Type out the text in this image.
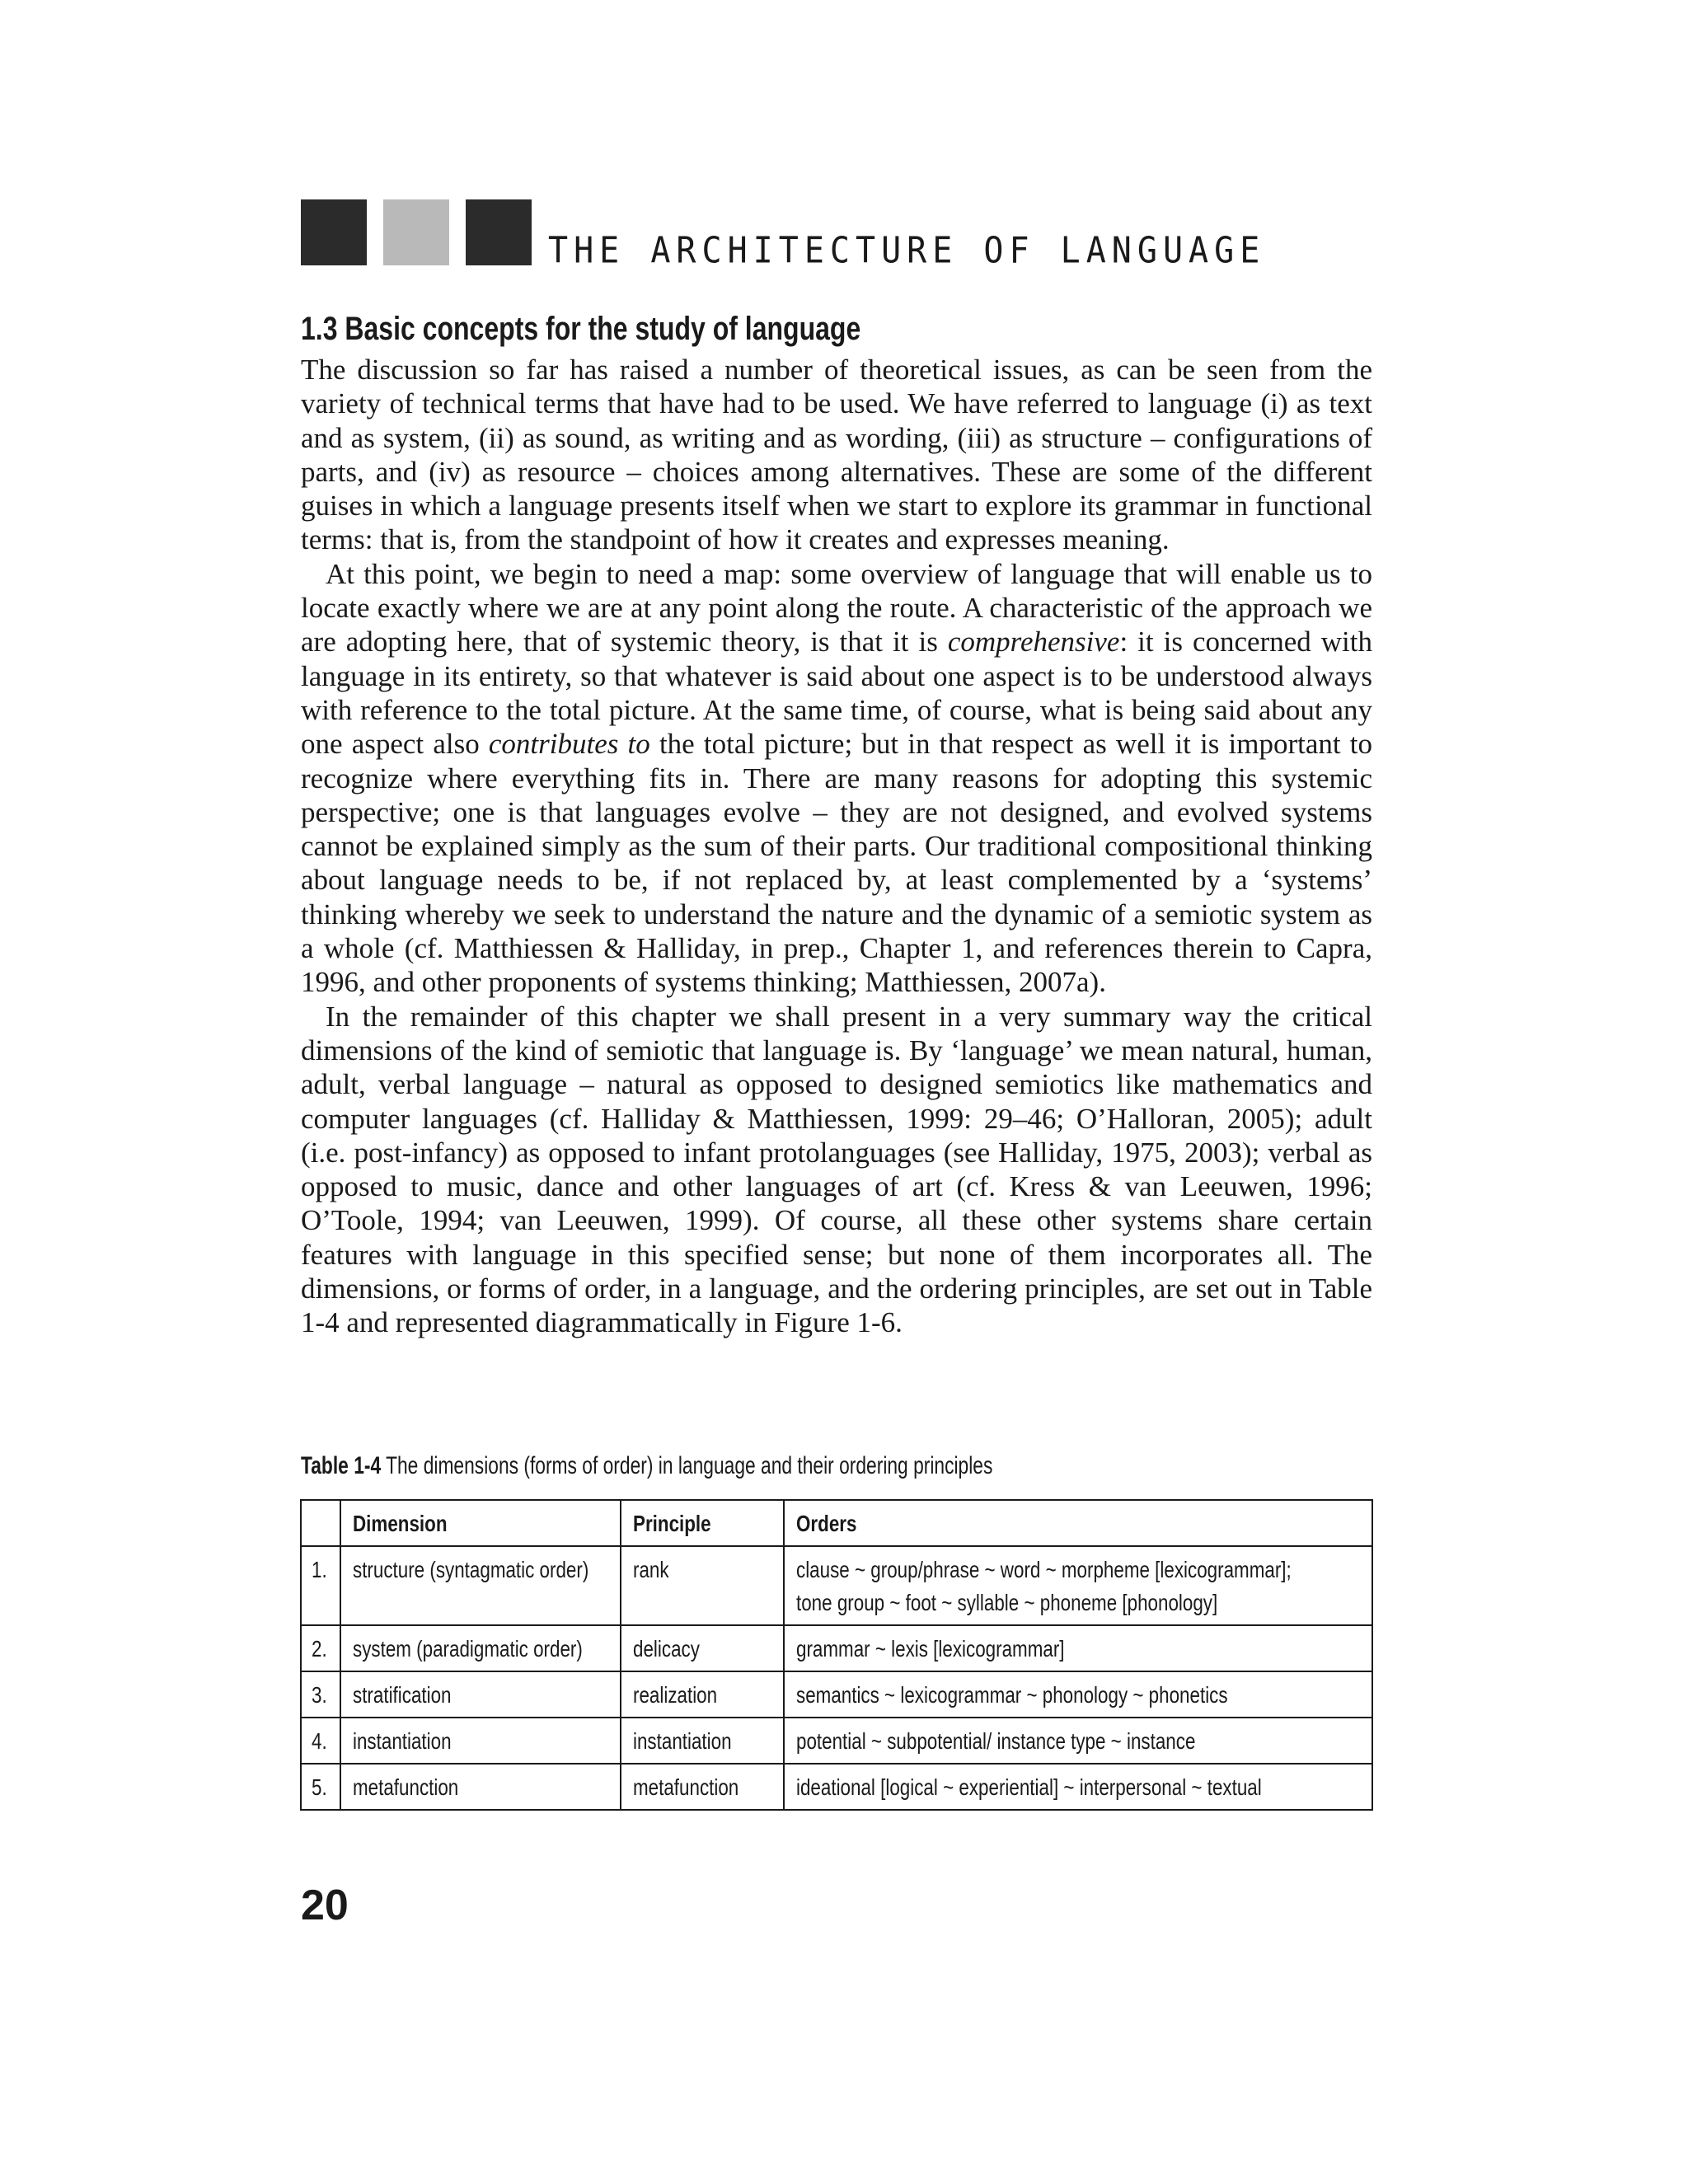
THE ARCHITECTURE OF LANGUAGE
1.3 Basic concepts for the study of language

The discussion so far has raised a number of theoretical issues, as can be seen from the variety of technical terms that have had to be used. We have referred to language (i) as text and as system, (ii) as sound, as writing and as wording, (iii) as structure – configurations of parts, and (iv) as resource – choices among alternatives. These are some of the different guises in which a language presents itself when we start to explore its grammar in functional terms: that is, from the standpoint of how it creates and expresses meaning.

At this point, we begin to need a map: some overview of language that will enable us to locate exactly where we are at any point along the route. A characteristic of the approach we are adopting here, that of systemic theory, is that it is comprehensive: it is concerned with language in its entirety, so that whatever is said about one aspect is to be understood always with reference to the total picture. At the same time, of course, what is being said about any one aspect also contributes to the total picture; but in that respect as well it is important to recognize where everything fits in. There are many reasons for adopting this systemic perspective; one is that languages evolve – they are not designed, and evolved systems cannot be explained simply as the sum of their parts. Our traditional compositional thinking about language needs to be, if not replaced by, at least complemented by a ‘systems’ thinking whereby we seek to understand the nature and the dynamic of a semiotic system as a whole (cf. Matthiessen & Halliday, in prep., Chapter 1, and references therein to Capra, 1996, and other proponents of systems thinking; Matthiessen, 2007a).

In the remainder of this chapter we shall present in a very summary way the critical dimensions of the kind of semiotic that language is. By ‘language’ we mean natural, human, adult, verbal language – natural as opposed to designed semiotics like mathematics and computer languages (cf. Halliday & Matthiessen, 1999: 29–46; O’Halloran, 2005); adult (i.e. post-infancy) as opposed to infant protolanguages (see Halliday, 1975, 2003); verbal as opposed to music, dance and other languages of art (cf. Kress & van Leeuwen, 1996; O’Toole, 1994; van Leeuwen, 1999). Of course, all these other systems share certain features with language in this specified sense; but none of them incorporates all. The dimensions, or forms of order, in a language, and the ordering principles, are set out in Table 1-4 and represented diagrammatically in Figure 1-6.

Table 1-4 The dimensions (forms of order) in language and their ordering principles

	Dimension	Principle	Orders

1.	structure (syntagmatic order)	rank	clause ~ group/phrase ~ word ~ morpheme [lexicogrammar];
tone group ~ foot ~ syllable ~ phoneme [phonology]

2.	system (paradigmatic order)	delicacy	grammar ~ lexis [lexicogrammar]

3.	stratification	realization	semantics ~ lexicogrammar ~ phonology ~ phonetics

4.	instantiation	instantiation	potential ~ subpotential/ instance type ~ instance

5.	metafunction	metafunction	ideational [logical ~ experiential] ~ interpersonal ~ textual
20
